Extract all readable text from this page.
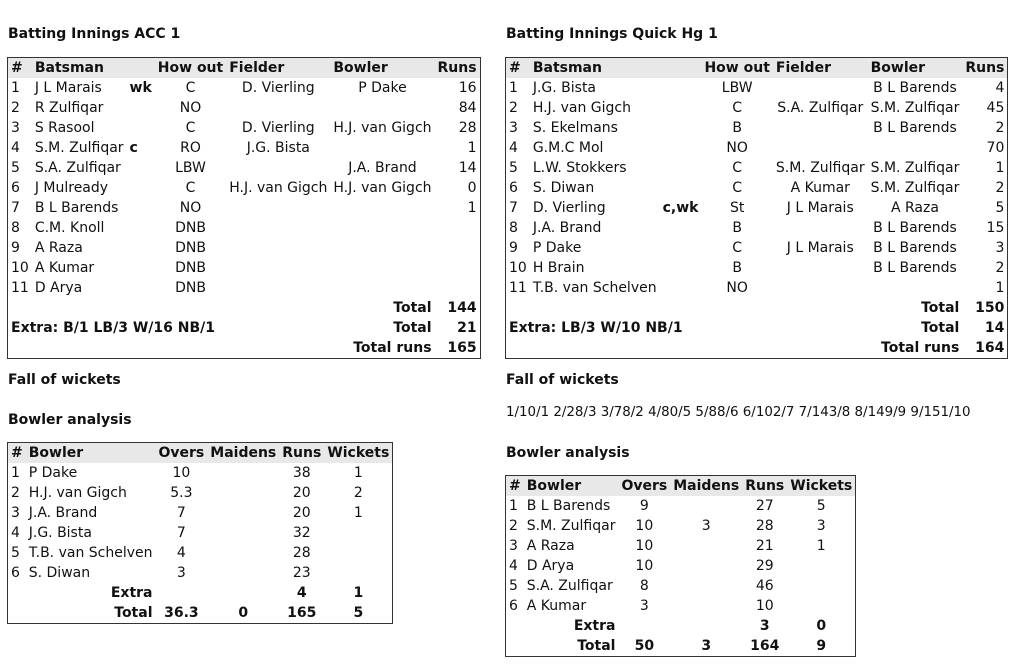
Batting Innings ACC 1
#	Batsman		How out	Fielder	Bowler	Runs
1	J L Marais	wk	C	D. Vierling	P Dake	16
2	R Zulfiqar		NO			84
3	S Rasool		C	D. Vierling	H.J. van Gigch	28
4	S.M. Zulfiqar	c	RO	J.G. Bista		1
5	S.A. Zulfiqar		LBW		J.A. Brand	14
6	J Mulready		C	H.J. van Gigch	H.J. van Gigch	0
7	B L Barends		NO			1
8	C.M. Knoll		DNB			
9	A Raza		DNB			
10	A Kumar		DNB			
11	D Arya		DNB			
Total						144
Extra: B/1 LB/3 W/16 NB/1				Total		21
Total runs						165
Fall of wickets
Bowler analysis
#	Bowler	Overs	Maidens	Runs	Wickets
1	P Dake	10		38	1
2	H.J. van Gigch	5.3		20	2
3	J.A. Brand	7		20	1
4	J.G. Bista	7		32	
5	T.B. van Schelven	4		28	
6	S. Diwan	3		23	
	Extra			4	1
	Total	36.3	0	165	5
Batting Innings Quick Hg 1
#	Batsman		How out	Fielder	Bowler	Runs
1	J.G. Bista		LBW		B L Barends	4
2	H.J. van Gigch		C	S.A. Zulfiqar	S.M. Zulfiqar	45
3	S. Ekelmans		B		B L Barends	2
4	G.M.C Mol		NO			70
5	L.W. Stokkers		C	S.M. Zulfiqar	S.M. Zulfiqar	1
6	S. Diwan		C	A Kumar	S.M. Zulfiqar	2
7	D. Vierling	c,wk	St	J L Marais	A Raza	5
8	J.A. Brand		B		B L Barends	15
9	P Dake		C	J L Marais	B L Barends	3
10	H Brain		B		B L Barends	2
11	T.B. van Schelven		NO			1
Total						150
Extra: LB/3 W/10 NB/1				Total		14
Total runs						164
Fall of wickets
1/10/1 2/28/3 3/78/2 4/80/5 5/88/6 6/102/7 7/143/8 8/149/9 9/151/10
Bowler analysis
#	Bowler	Overs	Maidens	Runs	Wickets
1	B L Barends	9		27	5
2	S.M. Zulfiqar	10	3	28	3
3	A Raza	10		21	1
4	D Arya	10		29	
5	S.A. Zulfiqar	8		46	
6	A Kumar	3		10	
	Extra			3	0
	Total	50	3	164	9
